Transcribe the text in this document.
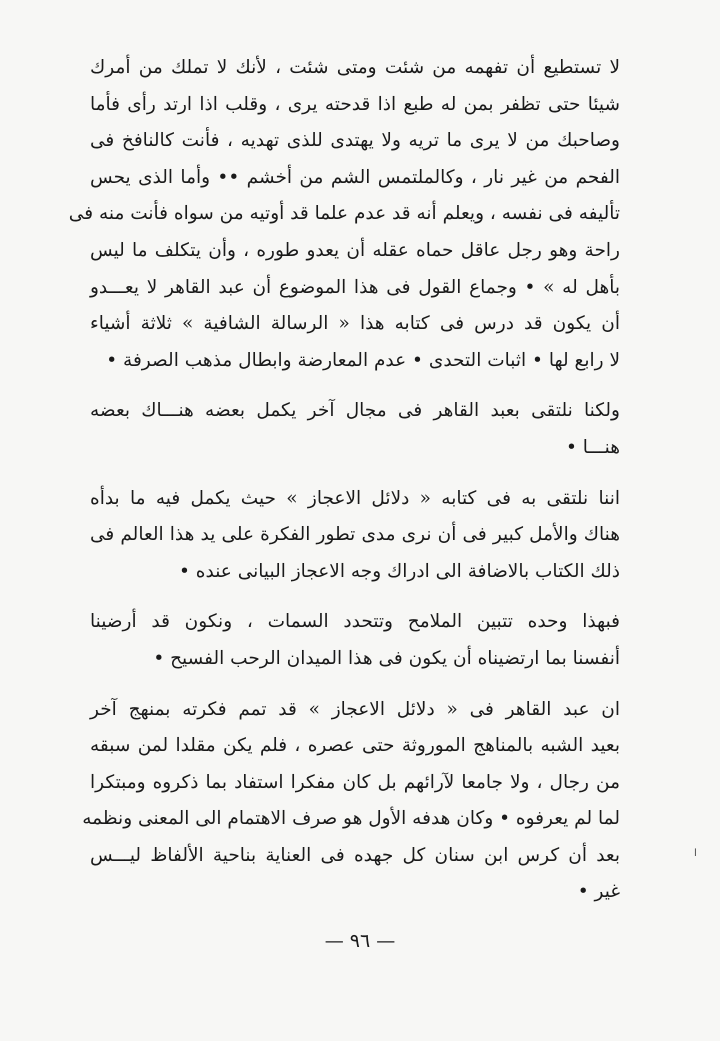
لا تستطيع أن تفهمه من شئت ومتى شئت ، لأنك لا تملك من أمرك
شيئا حتى تظفر بمن له طبع اذا قدحته يرى ، وقلب اذا ارتد رأى فأما
وصاحبك من لا يرى ما تريه ولا يهتدى للذى تهديه ، فأنت كالنافخ فى
الفحم من غير نار ، وكالملتمس الشم من أخشم •• وأما الذى يحس
تأليفه فى نفسه ، ويعلم أنه قد عدم علما قد أوتيه من سواه فأنت منه فى
راحة وهو رجل عاقل حماه عقله أن يعدو طوره ، وأن يتكلف ما ليس
بأهل له » • وجماع القول فى هذا الموضوع أن عبد القاهر لا يعـــدو
أن يكون قد درس فى كتابه هذا « الرسالة الشافية » ثلاثة أشياء
لا رابع لها • اثبات التحدى • عدم المعارضة وابطال مذهب الصرفة •
ولكنا نلتقى بعبد القاهر فى مجال آخر يكمل بعضه هنـــاك بعضه
هنـــا •
اننا نلتقى به فى كتابه « دلائل الاعجاز » حيث يكمل فيه ما بدأه
هناك والأمل كبير فى أن نرى مدى تطور الفكرة على يد هذا العالم فى
ذلك الكتاب بالاضافة الى ادراك وجه الاعجاز البيانى عنده •
فبهذا وحده تتبين الملامح وتتحدد السمات ، ونكون قد أرضينا
أنفسنا بما ارتضيناه أن يكون فى هذا الميدان الرحب الفسيح •
ان عبد القاهر فى « دلائل الاعجاز » قد تمم فكرته بمنهج آخر
بعيد الشبه بالمناهج الموروثة حتى عصره ، فلم يكن مقلدا لمن سبقه
من رجال ، ولا جامعا لآرائهم بل كان مفكرا استفاد بما ذكروه ومبتكرا
لما لم يعرفوه • وكان هدفه الأول هو صرف الاهتمام الى المعنى ونظمه
بعد أن كرس ابن سنان كل جهده فى العناية بناحية الألفاظ ليـــس
غير •
— ٩٦ —
ا
